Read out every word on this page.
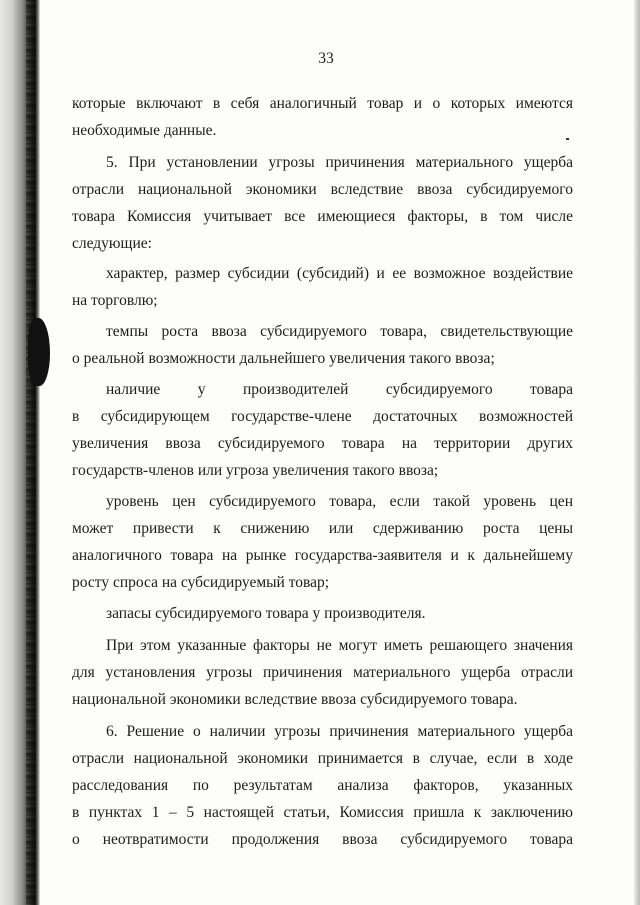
33
которые включают в себя аналогичный товар и о которых имеются
необходимые данные.
5. При установлении угрозы причинения материального ущерба
отрасли национальной экономики вследствие ввоза субсидируемого
товара Комиссия учитывает все имеющиеся факторы, в том числе
следующие:
характер, размер субсидии (субсидий) и ее возможное воздействие
на торговлю;
темпы роста ввоза субсидируемого товара, свидетельствующие
о реальной возможности дальнейшего увеличения такого ввоза;
наличие у производителей субсидируемого товара
в субсидирующем государстве-члене достаточных возможностей
увеличения ввоза субсидируемого товара на территории других
государств-членов или угроза увеличения такого ввоза;
уровень цен субсидируемого товара, если такой уровень цен
может привести к снижению или сдерживанию роста цены
аналогичного товара на рынке государства-заявителя и к дальнейшему
росту спроса на субсидируемый товар;
запасы субсидируемого товара у производителя.
При этом указанные факторы не могут иметь решающего значения
для установления угрозы причинения материального ущерба отрасли
национальной экономики вследствие ввоза субсидируемого товара.
6. Решение о наличии угрозы причинения материального ущерба
отрасли национальной экономики принимается в случае, если в ходе
расследования по результатам анализа факторов, указанных
в пунктах 1 – 5 настоящей статьи, Комиссия пришла к заключению
о неотвратимости продолжения ввоза субсидируемого товара
